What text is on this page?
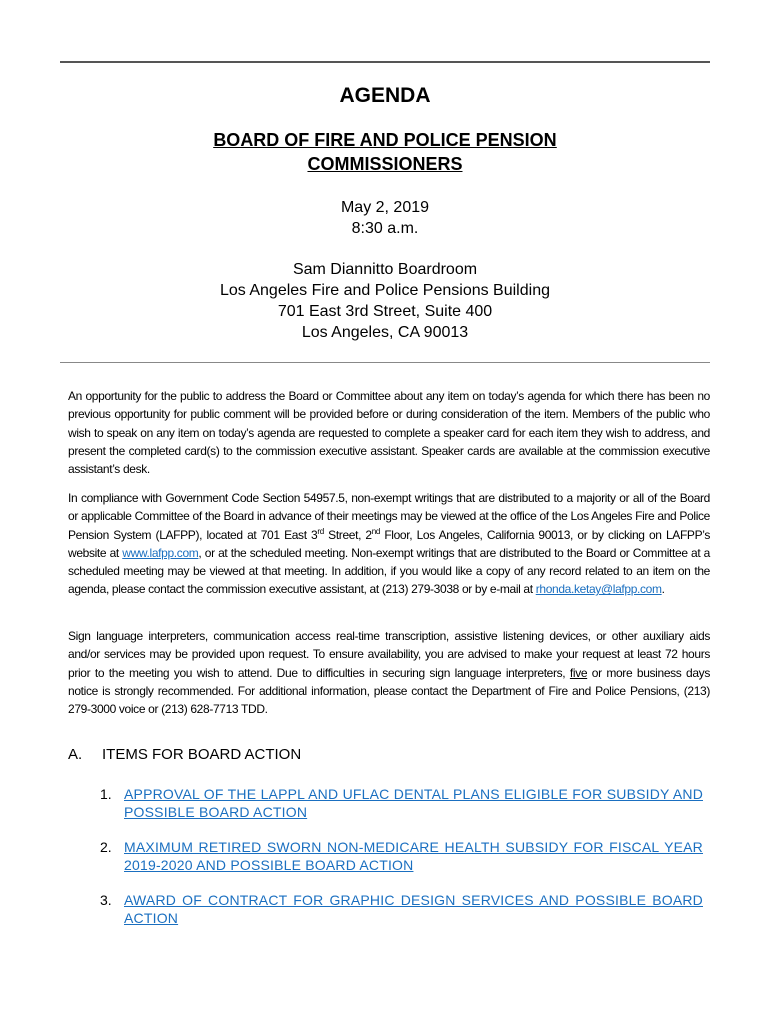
AGENDA
BOARD OF FIRE AND POLICE PENSION
COMMISSIONERS
May 2, 2019
8:30 a.m.
Sam Diannitto Boardroom
Los Angeles Fire and Police Pensions Building
701 East 3rd Street, Suite 400
Los Angeles, CA 90013
An opportunity for the public to address the Board or Committee about any item on today’s agenda for which there has been no previous opportunity for public comment will be provided before or during consideration of the item. Members of the public who wish to speak on any item on today’s agenda are requested to complete a speaker card for each item they wish to address, and present the completed card(s) to the commission executive assistant. Speaker cards are available at the commission executive assistant’s desk.
In compliance with Government Code Section 54957.5, non-exempt writings that are distributed to a majority or all of the Board or applicable Committee of the Board in advance of their meetings may be viewed at the office of the Los Angeles Fire and Police Pension System (LAFPP), located at 701 East 3rd Street, 2nd Floor, Los Angeles, California 90013, or by clicking on LAFPP’s website at www.lafpp.com, or at the scheduled meeting. Non-exempt writings that are distributed to the Board or Committee at a scheduled meeting may be viewed at that meeting. In addition, if you would like a copy of any record related to an item on the agenda, please contact the commission executive assistant, at (213) 279-3038 or by e-mail at rhonda.ketay@lafpp.com.
Sign language interpreters, communication access real-time transcription, assistive listening devices, or other auxiliary aids and/or services may be provided upon request. To ensure availability, you are advised to make your request at least 72 hours prior to the meeting you wish to attend. Due to difficulties in securing sign language interpreters, five or more business days notice is strongly recommended. For additional information, please contact the Department of Fire and Police Pensions, (213) 279-3000 voice or (213) 628-7713 TDD.
A. ITEMS FOR BOARD ACTION
1. APPROVAL OF THE LAPPL AND UFLAC DENTAL PLANS ELIGIBLE FOR SUBSIDY AND POSSIBLE BOARD ACTION
2. MAXIMUM RETIRED SWORN NON-MEDICARE HEALTH SUBSIDY FOR FISCAL YEAR 2019-2020 AND POSSIBLE BOARD ACTION
3. AWARD OF CONTRACT FOR GRAPHIC DESIGN SERVICES AND POSSIBLE BOARD ACTION
